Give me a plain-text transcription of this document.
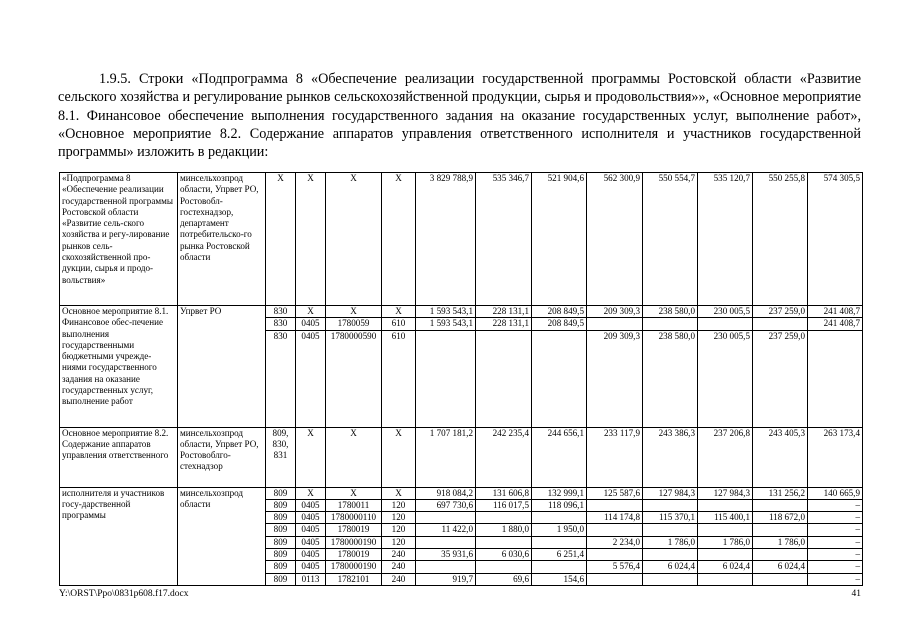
1.9.5. Строки «Подпрограмма 8 «Обеспечение реализации государственной программы Ростовской области «Развитие сельского хозяйства и регулирование рынков сельскохозяйственной продукции, сырья и продовольствия»», «Основное мероприятие 8.1. Финансовое обеспечение выполнения государственного задания на оказание государственных услуг, выполнение работ», «Основное мероприятие 8.2. Содержание аппаратов управления ответственного исполнителя и участников государственной программы» изложить в редакции:

«Подпрограмма 8 «Обеспечение реализации государственной программы Ростовской области «Развитие сель-ского хозяйства и регу-лирование рынков сель-скохозяйственной про-дукции, сырья и продо-вольствия»	минсельхозпрод области, Упрвет РО, Ростовобл-гостехнадзор, департамент потребительско-го рынка Ростовской области	X	X	X	X	3 829 788,9	535 346,7	521 904,6	562 300,9	550 554,7	535 120,7	550 255,8	574 305,5
Основное мероприятие 8.1. Финансовое обес-печение выполнения государственными бюджетными учрежде-ниями государственного задания на оказание государственных услуг, выполнение работ	Упрвет РО	830	X	X	X	1 593 543,1	228 131,1	208 849,5	209 309,3	238 580,0	230 005,5	237 259,0	241 408,7
		830	0405	1780059	610	1 593 543,1	228 131,1	208 849,5					241 408,7
		830	0405	1780000590	610				209 309,3	238 580,0	230 005,5	237 259,0	
Основное мероприятие 8.2. Содержание аппаратов управления ответственного	минсельхозпрод области, Упрвет РО, Ростовоблго-стехнадзор	809, 830, 831	X	X	X	1 707 181,2	242 235,4	244 656,1	233 117,9	243 386,3	237 206,8	243 405,3	263 173,4
исполнителя и участников госу-дарственной программы	минсельхозпрод области	809	X	X	X	918 084,2	131 606,8	132 999,1	125 587,6	127 984,3	127 984,3	131 256,2	140 665,9
		809	0405	1780011	120	697 730,6	116 017,5	118 096,1					–
		809	0405	1780000110	120				114 174,8	115 370,1	115 400,1	118 672,0	–
		809	0405	1780019	120	11 422,0	1 880,0	1 950,0					–
		809	0405	1780000190	120				2 234,0	1 786,0	1 786,0	1 786,0	–
		809	0405	1780019	240	35 931,6	6 030,6	6 251,4					–
		809	0405	1780000190	240				5 576,4	6 024,4	6 024,4	6 024,4	–
		809	0113	1782101	240	919,7	69,6	154,6					–
Y:\ORST\Ppo\0831p608.f17.docx	41
